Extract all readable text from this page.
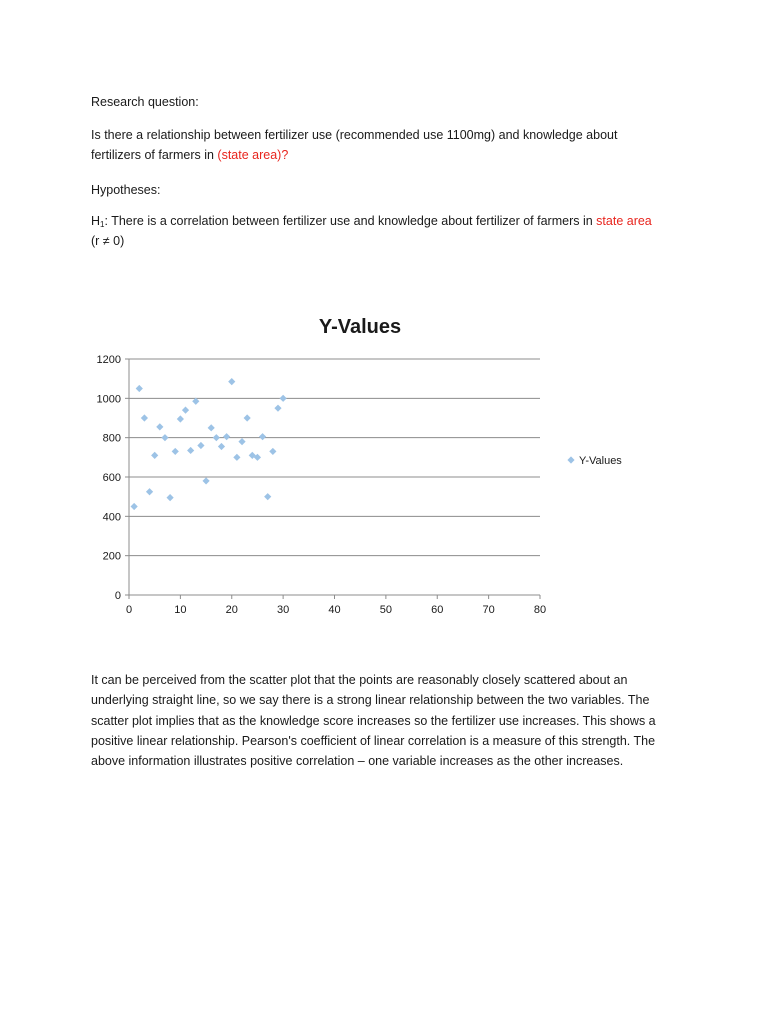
Research question:
Is there a relationship between fertilizer use (recommended use 1100mg) and knowledge about
fertilizers of farmers in (state area)?
Hypotheses:
$H_1$: There is a correlation between fertilizer use and knowledge about fertilizer of farmers in state area
(r ≠ 0)
Y-Values
0
200
400
600
800
1000
1200
0	10	20	30	40	50	60	70	80
Y-Values
It can be perceived from the scatter plot that the points are reasonably closely scattered about an
underlying straight line, so we say there is a strong linear relationship between the two variables. The
scatter plot implies that as the knowledge score increases so the fertilizer use increases. This shows a
positive linear relationship. Pearson's coefficient of linear correlation is a measure of this strength. The
above information illustrates positive correlation – one variable increases as the other increases.
